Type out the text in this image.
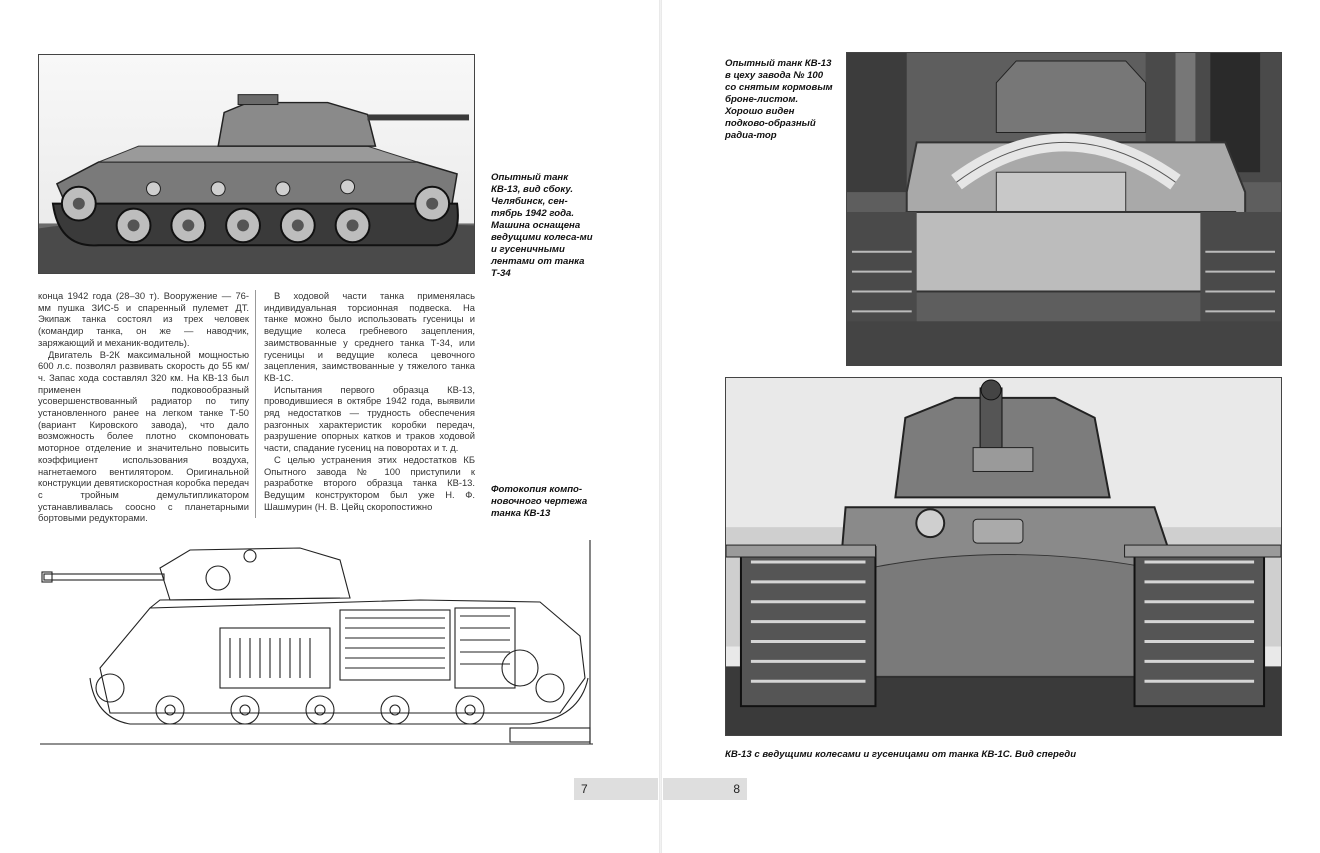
Опытный танк КВ-13, вид сбоку. Челябинск, сен-тябрь 1942 года. Машина оснащена ведущими колеса-ми и гусеничными лентами от танка Т-34

конца 1942 года (28–30 т). Вооружение — 76-мм пушка ЗИС-5 и спаренный пулемет ДТ. Экипаж танка состоял из трех человек (командир танка, он же — наводчик, заряжающий и механик-водитель).

Двигатель В-2К максимальной мощностью 600 л.с. позволял развивать скорость до 55 км/ч. Запас хода составлял 320 км. На КВ-13 был применен подковообразный усовершенствованный радиатор по типу установленного ранее на легком танке Т-50 (вариант Кировского завода), что дало возможность более плотно скомпоновать моторное отделение и значительно повысить коэффициент использования воздуха, нагнетаемого вентилятором. Оригинальной конструкции девятискоростная коробка передач с тройным демультипликатором устанавливалась соосно с планетарными бортовыми редукторами.

В ходовой части танка применялась индивидуальная торсионная подвеска. На танке можно было использовать гусеницы и ведущие колеса гребневого зацепления, заимствованные у среднего танка Т-34, или гусеницы и ведущие колеса цевочного зацепления, заимствованные у тяжелого танка КВ-1С.

Испытания первого образца КВ-13, проводившиеся в октябре 1942 года, выявили ряд недостатков — трудность обеспечения разгонных характеристик коробки передач, разрушение опорных катков и траков ходовой части, спадание гусениц на поворотах и т. д.

С целью устранения этих недостатков КБ Опытного завода № 100 приступили к разработке второго образца танка КВ-13. Ведущим конструктором был уже Н. Ф. Шашмурин (Н. В. Цейц скоропостижно

Фотокопия компо-новочного чертежа танка КВ-13
7
Опытный танк КВ-13 в цеху завода № 100 со снятым кормовым броне-листом. Хорошо виден подково-образный радиа-тор
КВ-13 с ведущими колесами и гусеницами от танка КВ-1С. Вид спереди
8
